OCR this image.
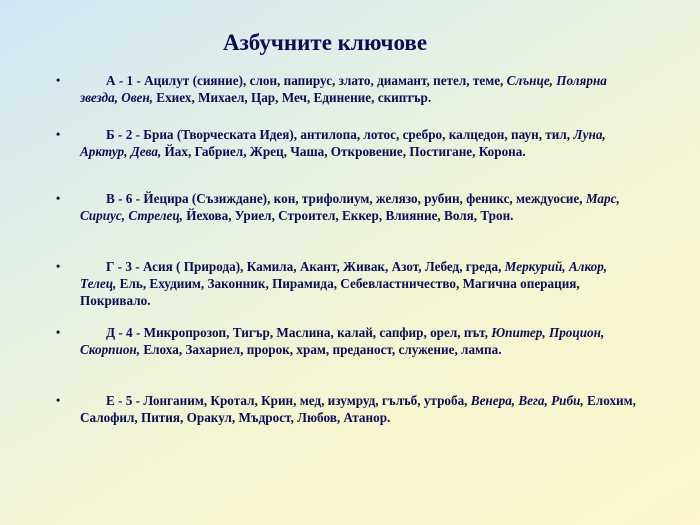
Азбучните ключове
•	А - 1 - Ацилут (сияние), слон, папирус, злато, диамант, петел, теме, Слънце, Полярна звезда, Овен, Ехиех, Михаел, Цар, Меч, Единение, скиптър.
•	Б - 2 - Бриа (Творческата Идея), антилопа, лотос, сребро, калцедон, паун, тил, Луна, Арктур, Дева, Йах, Габриел, Жрец, Чаша, Откровение, Постигане, Корона.
•	В - 6 - Йецира (Съзиждане), кон, трифолиум, желязо, рубин, феникс, междуосие, Марс, Сириус, Стрелец, Йехова, Уриел, Строител, Еккер, Влияние, Воля, Трон.
•	Г - 3 - Асия ( Природа), Камила, Акант, Живак, Азот, Лебед, греда, Меркурий, Алкор, Телец, Ель, Ехудиим, Законник, Пирамида, Себевластничество, Магична операция, Покривало.
•	Д - 4 - Микропрозоп, Тигър, Маслина, калай, сапфир, орел, път, Юпитер, Процион, Скорпион, Елоха, Захариел, пророк, храм, преданост, служение, лампа.
•	Е - 5 - Лонганим, Кротал, Крин, мед, изумруд, гълъб, утроба, Венера, Вега, Риби, Елохим, Салофил, Пития, Оракул, Мъдрост, Любов, Атанор.
